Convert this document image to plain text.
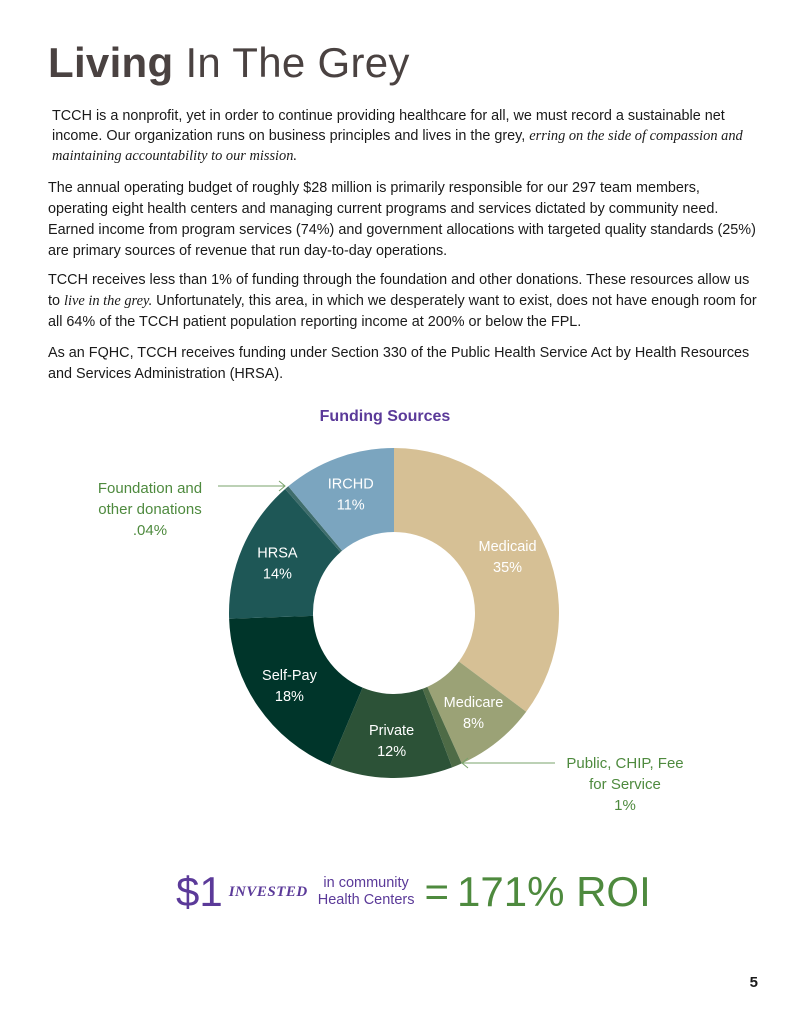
Living In The Grey

TCCH is a nonprofit, yet in order to continue providing healthcare for all, we must record a sustainable net income. Our organization runs on business principles and lives in the grey, erring on the side of compassion and maintaining accountability to our mission.

The annual operating budget of roughly $28 million is primarily responsible for our 297 team members, operating eight health centers and managing current programs and services dictated by community need. Earned income from program services (74%) and government allocations with targeted quality standards (25%) are primary sources of revenue that run day-to-day operations.

TCCH receives less than 1% of funding through the foundation and other donations. These resources allow us to live in the grey. Unfortunately, this area, in which we desperately want to exist, does not have enough room for all 64% of the TCCH patient population reporting income at 200% or below the FPL.

As an FQHC, TCCH receives funding under Section 330 of the Public Health Service Act by Health Resources and Services Administration (HRSA).

Funding Sources
Medicaid
35%
Medicare
8%
Private
12%
Self-Pay
18%
HRSA
14%
IRCHD
11%
Foundation and
other donations
.04%
Public, CHIP, Fee
for Service
1%
$1 INVESTED
in community
Health Centers = 171% ROI
5
